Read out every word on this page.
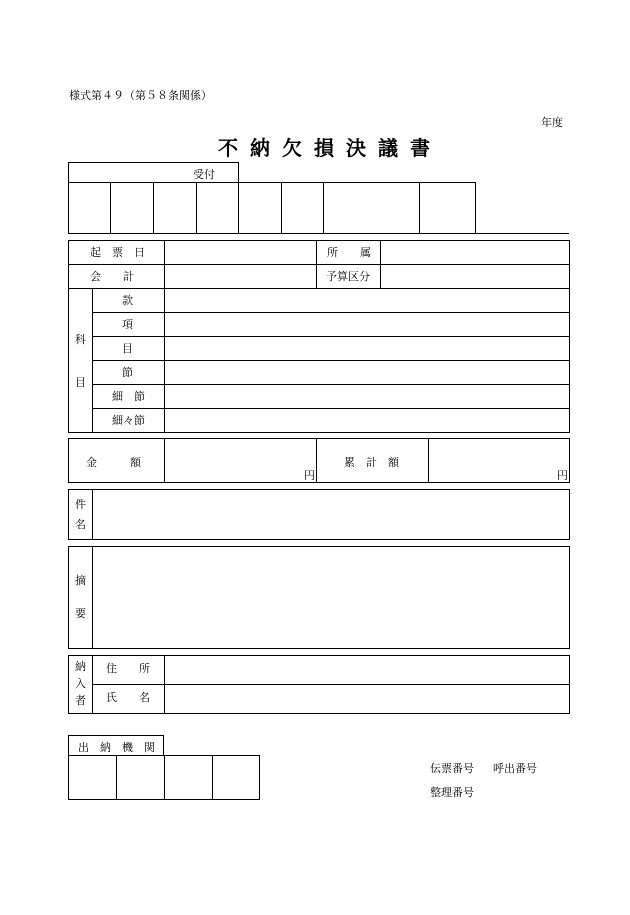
様式第４９（第５８条関係）
年度
不納欠損決議書
受付
起　票　日	所　　属
会　　計	予算区分
科
目
款
項
目
節
細　節
細々節
金　　　額
円
累　計　額
円
件
名
摘
要
納
入
者
住　　所
氏　　名
出　納　機　関
伝票番号 呼出番号
整理番号
